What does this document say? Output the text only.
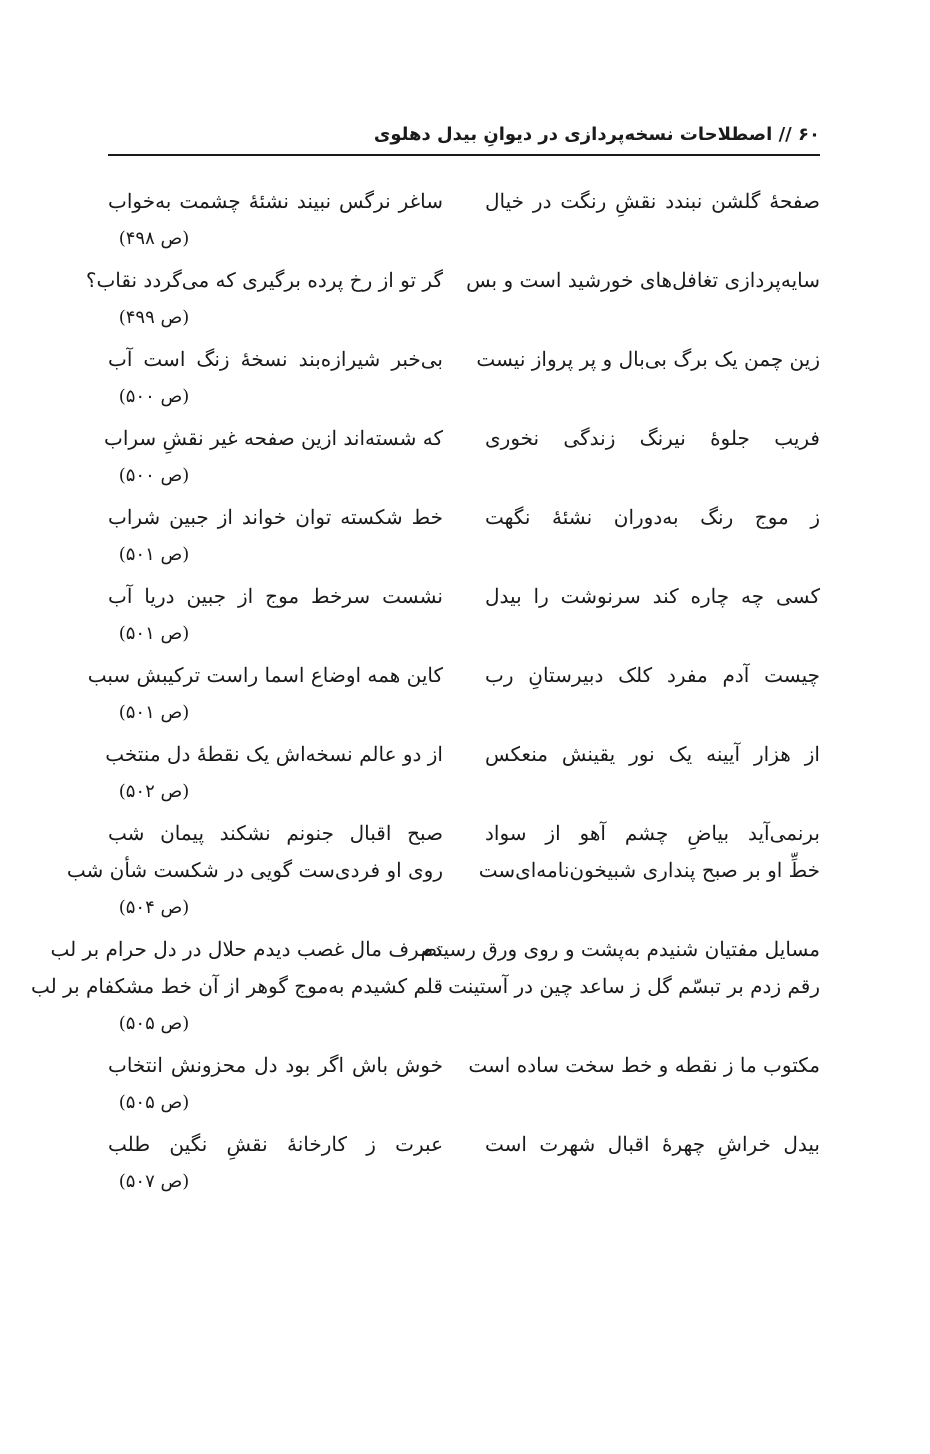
۶۰ // اصطلاحات نسخه‌پردازی در دیوانِ بیدل دهلوی
صفحهٔ گلشن نبندد نقشِ رنگت در خیال
ساغر نرگس نبیند نشئهٔ چشمت به‌خواب
(ص ۴۹۸)
سایه‌پردازی تغافل‌های خورشید است و بس
گر تو از رخ پرده برگیری که می‌گردد نقاب؟
(ص ۴۹۹)
زین چمن یک برگ بی‌بال و پر پرواز نیست
بی‌خبر شیرازه‌بند نسخهٔ زنگ است آب
(ص ۵۰۰)
فریب جلوهٔ نیرنگ زندگی نخوری
که شسته‌اند ازین صفحه غیر نقشِ سراب
(ص ۵۰۰)
ز موج رنگ به‌دوران نشئهٔ نگهت
خط شکسته توان خواند از جبین شراب
(ص ۵۰۱)
کسی چه چاره کند سرنوشت را بیدل
نشست سرخط موج از جبین دریا آب
(ص ۵۰۱)
چیست آدم مفرد کلک دبیرستانِ رب
کاین همه اوضاع اسما راست ترکیبش سبب
(ص ۵۰۱)
از هزار آیینه یک نور یقینش منعکس
از دو عالم نسخه‌اش یک نقطهٔ دل منتخب
(ص ۵۰۲)
برنمی‌آید بیاضِ چشم آهو از سواد
صبح اقبال جنونم نشکند پیمان شب
خطِّ او بر صبح پنداری شبیخون‌نامه‌ای‌ست
روی او فردی‌ست گویی در شکست شأن شب
(ص ۵۰۴)
مسایل مفتیان شنیدم به‌پشت و روی ورق رسیدم
تصرف مال غصب دیدم حلال در دل حرام بر لب
رقم زدم بر تبسّم گل ز ساعد چین در آستینت
قلم کشیدم به‌موج گوهر از آن خط مشکفام بر لب
(ص ۵۰۵)
مکتوب ما ز نقطه و خط سخت ساده است
خوش باش اگر بود دل محزونش انتخاب
(ص ۵۰۵)
بیدل خراشِ چهرهٔ اقبال شهرت است
عبرت ز کارخانهٔ نقشِ نگین طلب
(ص ۵۰۷)
